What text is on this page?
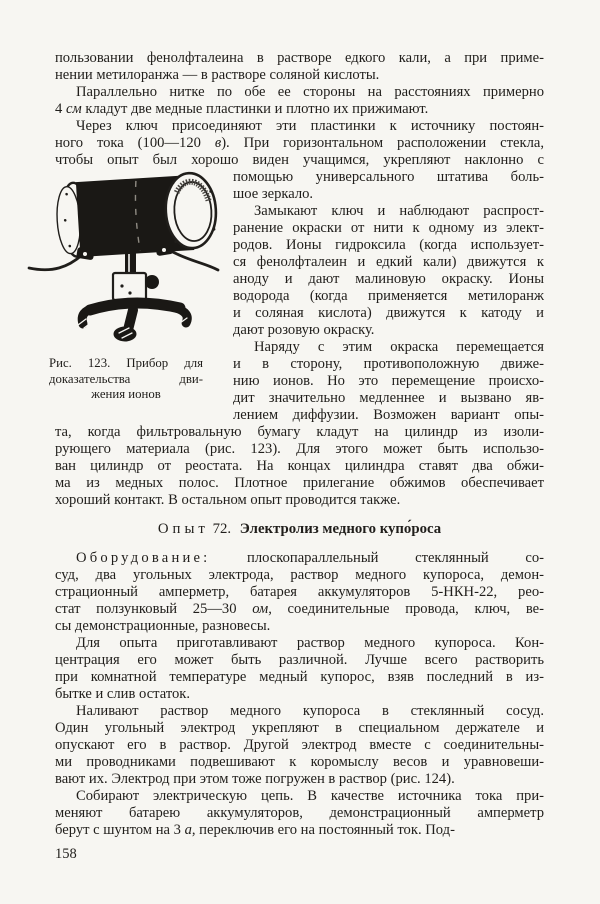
Рис. 123. Прибор для
доказательства дви-
жения ионов
пользовании фенолфталеина в растворе едкого кали, а при приме-
нении метилоранжа — в растворе соляной кислоты.
Параллельно нитке по обе ее стороны на расстояниях примерно
4 см кладут две медные пластинки и плотно их прижимают.
Через ключ присоединяют эти пластинки к источнику постоян-
ного тока (100—120 в). При горизонтальном расположении стекла,
чтобы опыт был хорошо виден учащимся, укрепляют наклонно с
помощью универсального штатива боль-
шое зеркало.
Замыкают ключ и наблюдают распрост-
ранение окраски от нити к одному из элект-
родов. Ионы гидроксила (когда использует-
ся фенолфталеин и едкий кали) движутся к
аноду и дают малиновую окраску. Ионы
водорода (когда применяется метилоранж
и соляная кислота) движутся к катоду и
дают розовую окраску.
Наряду с этим окраска перемещается
и в сторону, противоположную движе-
нию ионов. Но это перемещение происхо-
дит значительно медленнее и вызвано яв-
лением диффузии. Возможен вариант опы-
та, когда фильтровальную бумагу кладут на цилиндр из изоли-
рующего материала (рис. 123). Для этого может быть использо-
ван цилиндр от реостата. На концах цилиндра ставят два обжи-
ма из медных полос. Плотное прилегание обжимов обеспечивает
хороший контакт. В остальном опыт проводится также.
Опыт 72. Электролиз медного купо́роса
Оборудование: плоскопараллельный стеклянный со-
суд, два угольных электрода, раствор медного купороса, демон-
страционный амперметр, батарея аккумуляторов 5-НКН-22, рео-
стат ползунковый 25—30 ом, соединительные провода, ключ, ве-
сы демонстрационные, разновесы.
Для опыта приготавливают раствор медного купороса. Кон-
центрация его может быть различной. Лучше всего растворить
при комнатной температуре медный купорос, взяв последний в из-
бытке и слив остаток.
Наливают раствор медного купороса в стеклянный сосуд.
Один угольный электрод укрепляют в специальном держателе и
опускают его в раствор. Другой электрод вместе с соединительны-
ми проводниками подвешивают к коромыслу весов и уравновеши-
вают их. Электрод при этом тоже погружен в раствор (рис. 124).
Собирают электрическую цепь. В качестве источника тока при-
меняют батарею аккумуляторов, демонстрационный амперметр
берут с шунтом на 3 а, переключив его на постоянный ток. Под-
158
